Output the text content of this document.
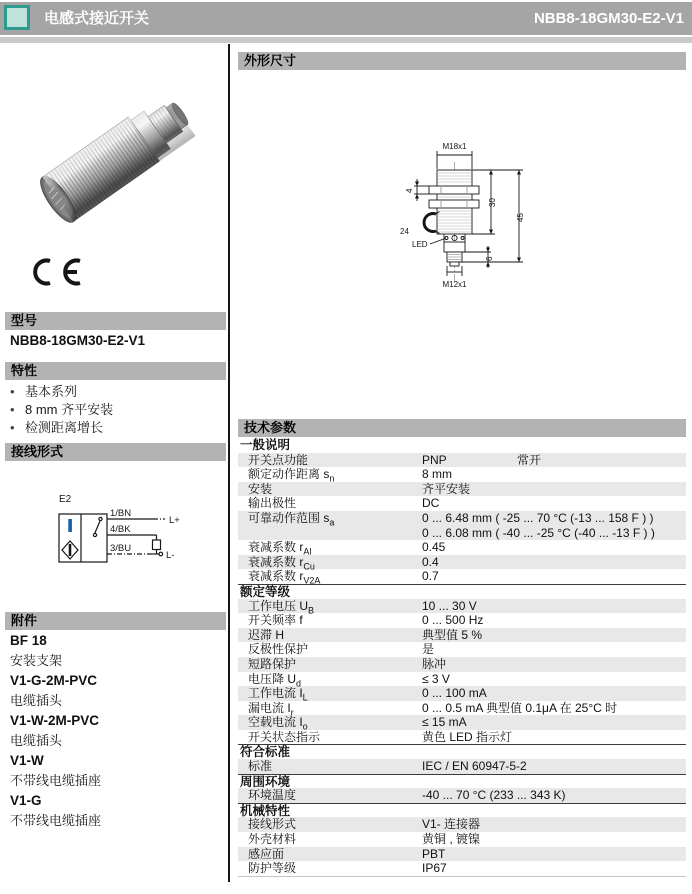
电感式接近开关	NBB8-18GM30-E2-V1
型号
NBB8-18GM30-E2-V1
特性
• 基本系列
• 8 mm 齐平安装
• 检测距离增长
接线形式
E2
1/BN
4/BK
3/BU
L+
L-
附件
BF 18
安装支架
V1-G-2M-PVC
电缆插头
V1-W-2M-PVC
电缆插头
V1-W
不带线电缆插座
V1-G
不带线电缆插座
外形尺寸
M18x1
4
24
30
45
6
LED
M12x1
技术参数
一般说明
开关点功能	PNP	常开
额定动作距离 $s_n$	8 mm
安装	齐平安装
输出极性	DC
可靠动作范围 $s_a$	0 ... 6.48 mm ( -25 ... 70 °C (-13 ... 158 F ) )
0 ... 6.08 mm ( -40 ... -25 °C (-40 ... -13 F ) )
衰减系数 $r_{Al}$	0.45
衰减系数 $r_{Cu}$	0.4
衰减系数 $r_{V2A}$	0.7
额定等级
工作电压 $U_B$	10 ... 30 V
开关频率 f	0 ... 500 Hz
迟滞 H	典型值 5 %
反极性保护	是
短路保护	脉冲
电压降 $U_d$	≤ 3 V
工作电流 $I_L$	0 ... 100 mA
漏电流 $I_r$	0 ... 0.5 mA 典型值 0.1μA 在 25°C 时
空载电流 $I_o$	≤ 15 mA
开关状态指示	黄色 LED 指示灯
符合标准
标准	IEC / EN 60947-5-2
周围环境
环境温度	-40 ... 70 °C (233 ... 343 K)
机械特性
接线形式	V1- 连接器
外壳材料	黄铜 , 镀镍
感应面	PBT
防护等级	IP67
